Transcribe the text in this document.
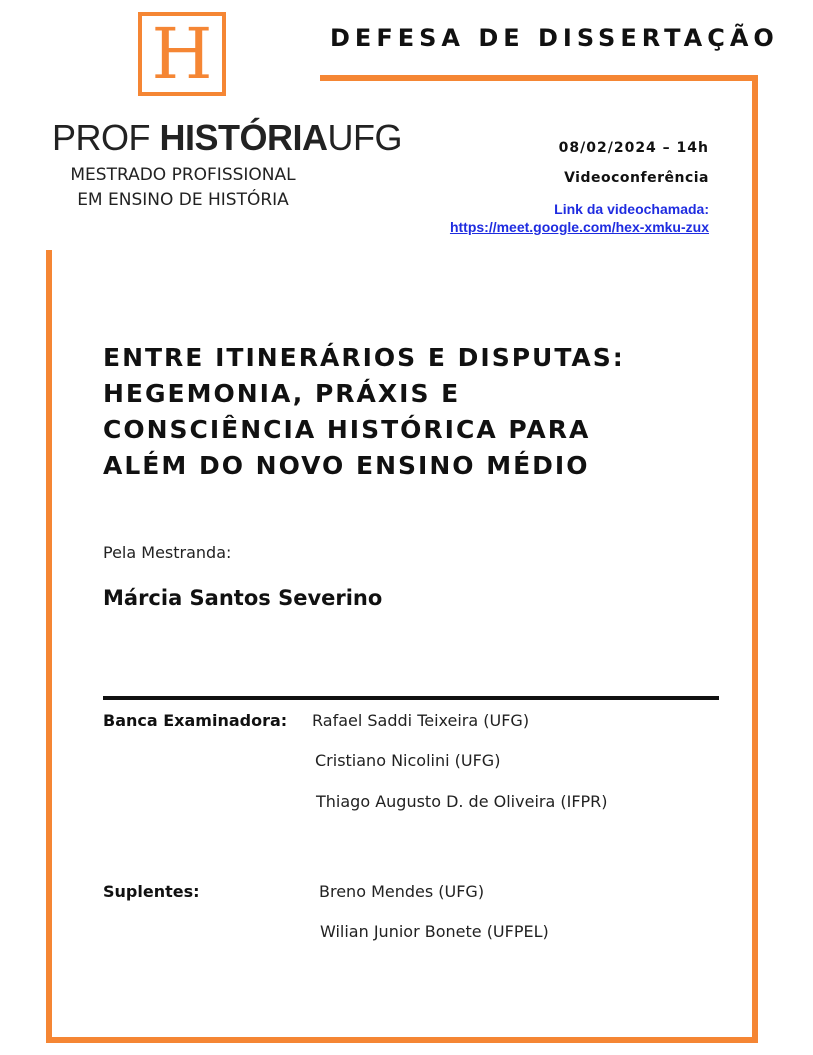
H
PROF HISTÓRIAUFG
MESTRADO PROFISSIONAL
EM ENSINO DE HISTÓRIA
DEFESA DE DISSERTAÇÃO
08/02/2024 – 14h
Videoconferência
Link da videochamada:
https://meet.google.com/hex-xmku-zux
ENTRE ITINERÁRIOS E DISPUTAS:
HEGEMONIA, PRÁXIS E
CONSCIÊNCIA HISTÓRICA PARA
ALÉM DO NOVO ENSINO MÉDIO
Pela Mestranda:
Márcia Santos Severino
Banca Examinadora: Rafael Saddi Teixeira (UFG)
Cristiano Nicolini (UFG)
Thiago Augusto D. de Oliveira (IFPR)
Suplentes:	Breno Mendes (UFG)
Wilian Junior Bonete (UFPEL)
